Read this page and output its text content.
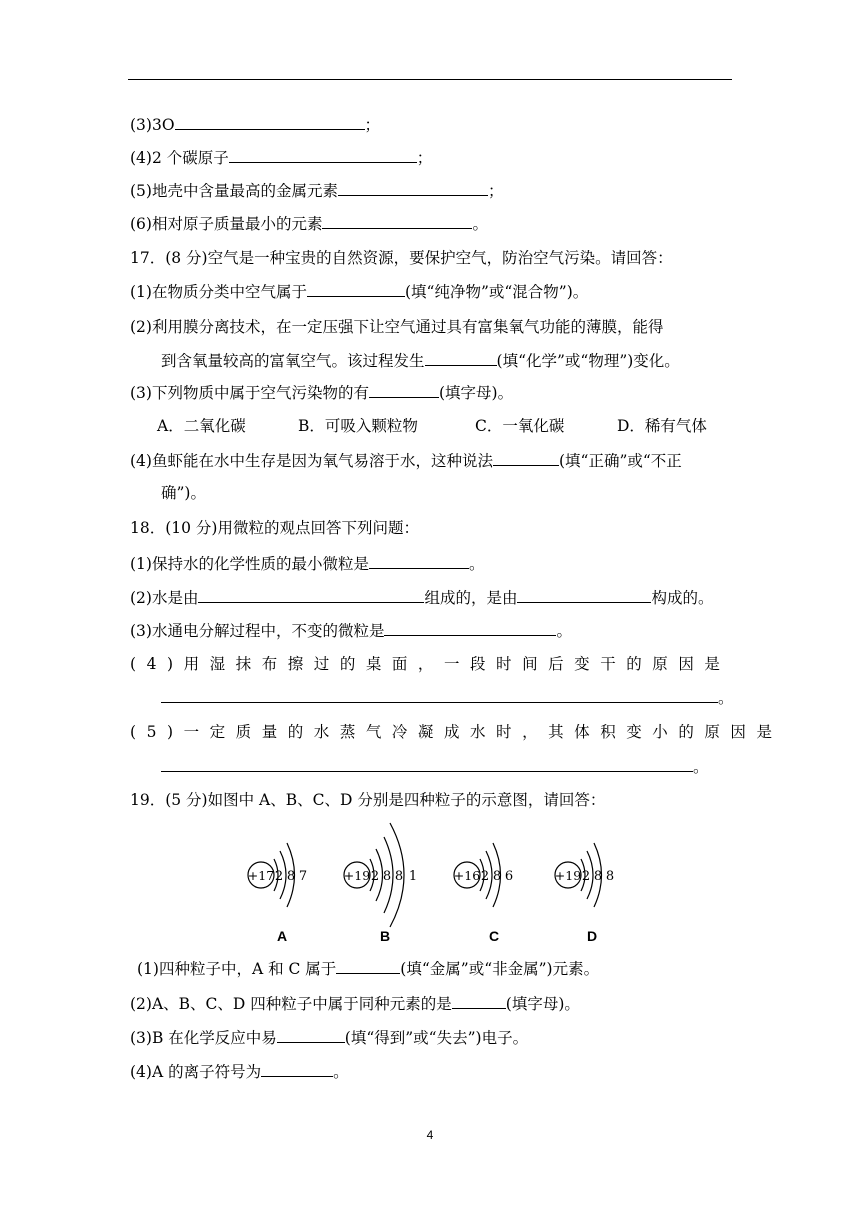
(3)3O	；
(4)2 个碳原子	；
(5)地壳中含量最高的金属元素	；
(6)相对原子质量最小的元素	。
17．(8 分)空气是一种宝贵的自然资源，要保护空气，防治空气污染。请回答：
(1)在物质分类中空气属于	(填“纯净物”或“混合物”)。
(2)利用膜分离技术，在一定压强下让空气通过具有富集氧气功能的薄膜，能得
到含氧量较高的富氧空气。该过程发生	(填“化学”或“物理”)变化。
(3)下列物质中属于空气污染物的有	(填字母)。
A．二氧化碳	B．可吸入颗粒物	C．一氧化碳	D．稀有气体
(4)鱼虾能在水中生存是因为氧气易溶于水，这种说法	(填“正确”或“不正
确”)。
18．(10 分)用微粒的观点回答下列问题：
(1)保持水的化学性质的最小微粒是	。
(2)水是由	组成的，是由	构成的。
(3)水通电分解过程中，不变的微粒是	。
(4)用湿抹布擦过的桌面，一段时间后变干的原因是
。
(5)一定质量的水蒸气冷凝成水时，其体积变小的原因是
。
19．(5 分)如图中 A、B、C、D 分别是四种粒子的示意图，请回答：
+17 2 8 7
A
+19 2 8 8 1
B
+16 2 8 6
C
+19 2 8 8
D
(1)四种粒子中，A 和 C 属于	(填“金属”或“非金属”)元素。
(2)A、B、C、D 四种粒子中属于同种元素的是	(填字母)。
(3)B 在化学反应中易	(填“得到”或“失去”)电子。
(4)A 的离子符号为	。
4
